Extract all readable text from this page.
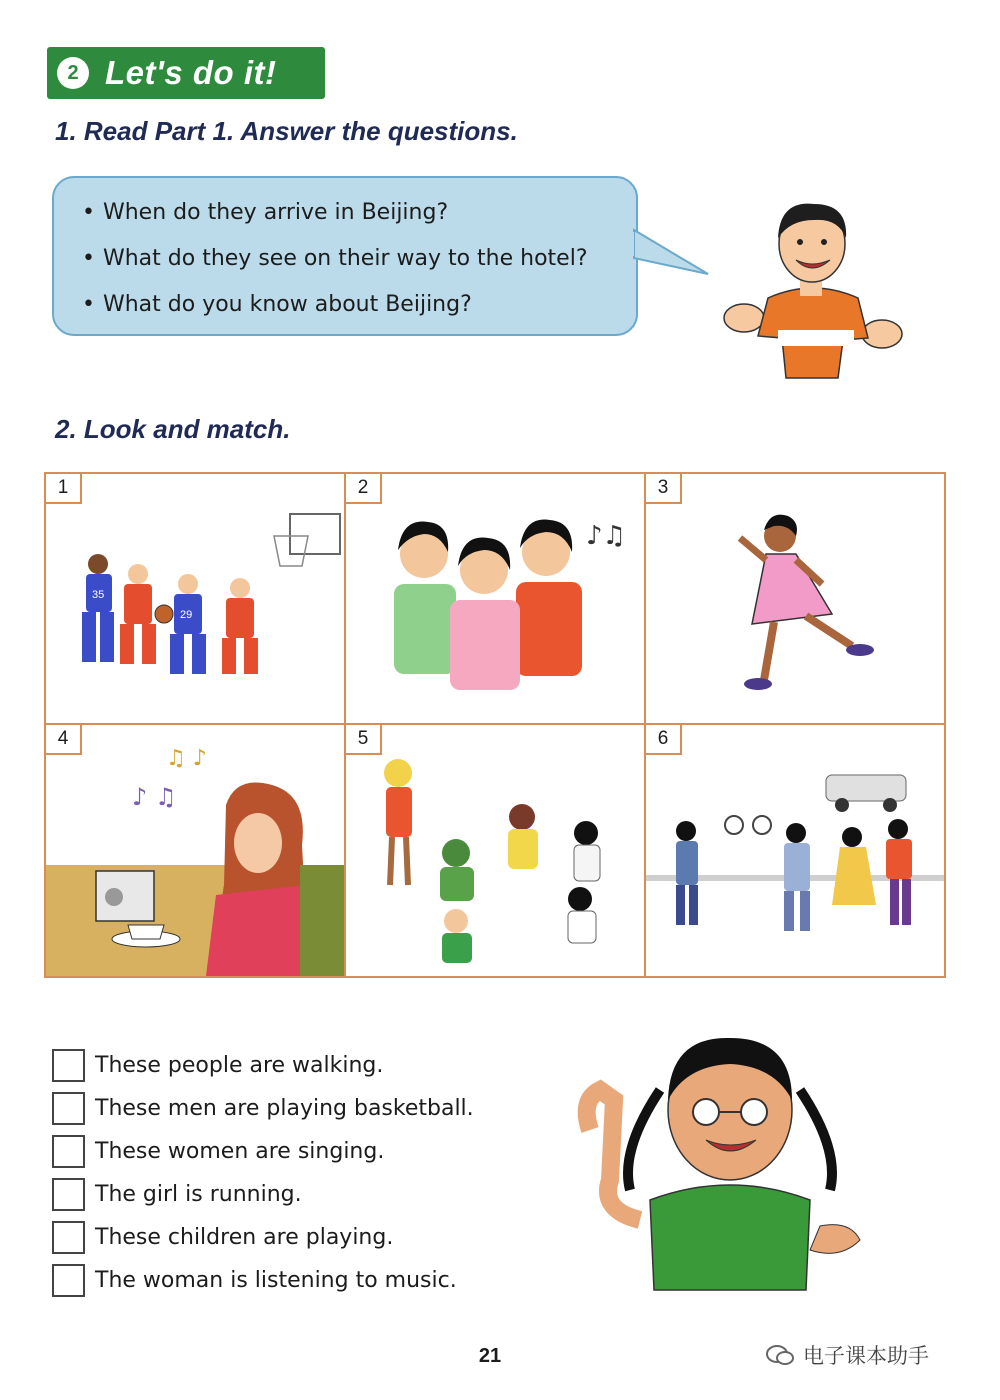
2 Let's do it!
1. Read Part 1. Answer the questions.
• When do they arrive in Beijing?
• What do they see on their way to the hotel?
• What do you know about Beijing?
2. Look and match.
1
35
29
2
♪♫
3
4
♪ ♫
♫ ♪
5	6
These people are walking.
These men are playing basketball.
These women are singing.
The girl is running.
These children are playing.
The woman is listening to music.
21	电子课本助手
